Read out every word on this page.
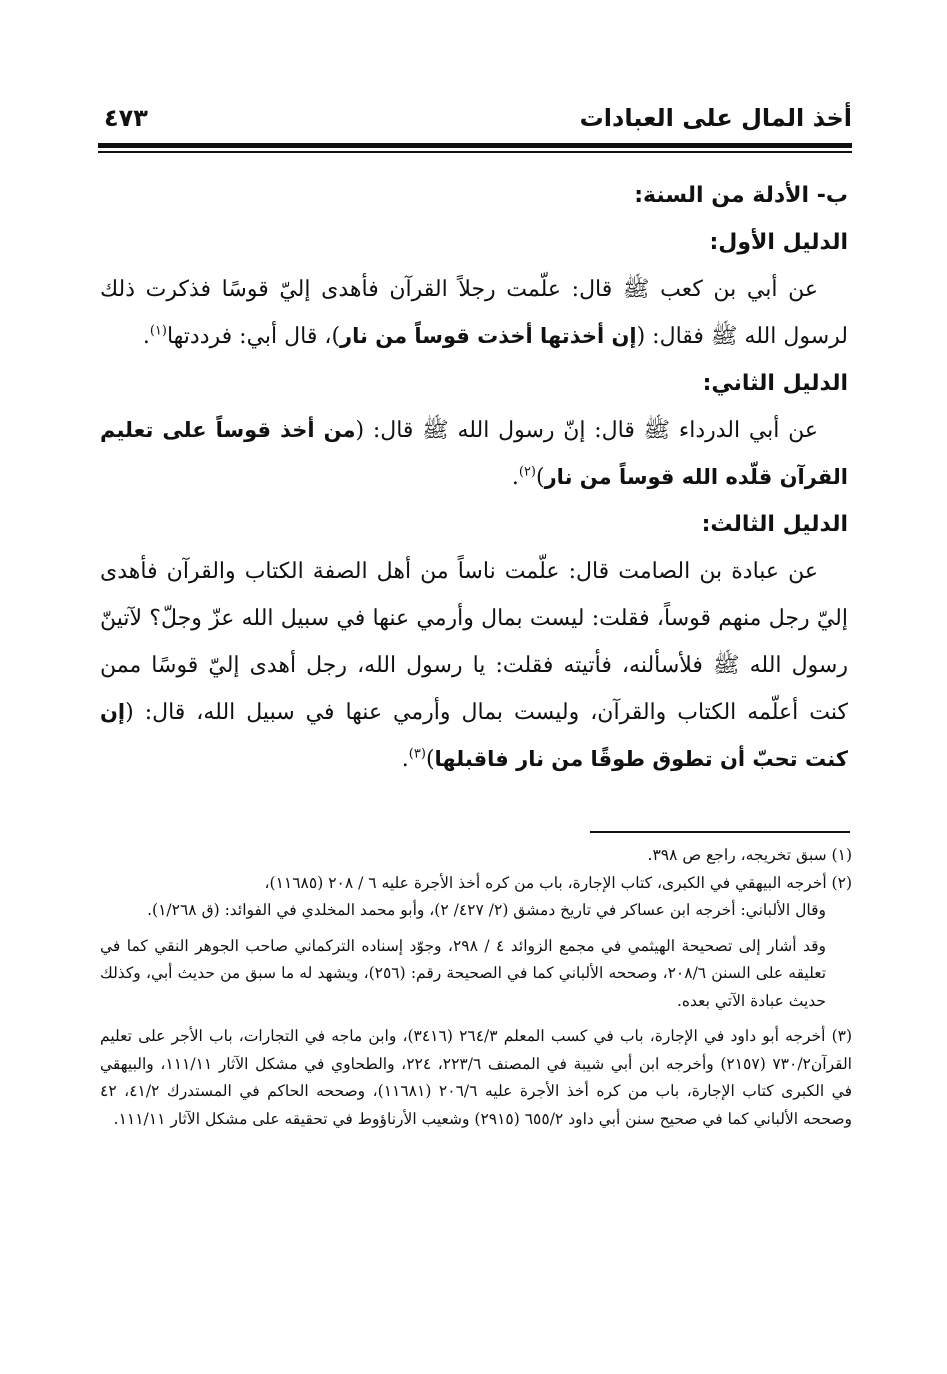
أخذ المال على العبادات
٤٧٣

ب- الأدلة من السنة:

الدليل الأول:

عن أبي بن كعب ﷺ قال: علّمت رجلاً القرآن فأهدى إليّ قوسًا فذكرت ذلك لرسول الله ﷺ فقال: (إن أخذتها أخذت قوساً من نار)، قال أبي: فرددتها$^{(١)}$.

الدليل الثاني:

عن أبي الدرداء ﷺ قال: إنّ رسول الله ﷺ قال: (من أخذ قوساً على تعليم القرآن قلّده الله قوساً من نار)$^{(٢)}$.

الدليل الثالث:

عن عبادة بن الصامت قال: علّمت ناساً من أهل الصفة الكتاب والقرآن فأهدى إليّ رجل منهم قوساً، فقلت: ليست بمال وأرمي عنها في سبيل الله عزّ وجلّ؟ لآتينّ رسول الله ﷺ فلأسألنه، فأتيته فقلت: يا رسول الله، رجل أهدى إليّ قوسًا ممن كنت أعلّمه الكتاب والقرآن، وليست بمال وأرمي عنها في سبيل الله، قال: (إن كنت تحبّ أن تطوق طوقًا من نار فاقبلها)$^{(٣)}$.

(١) سبق تخريجه، راجع ص ٣٩٨.

(٢) أخرجه البيهقي في الكبرى، كتاب الإجارة، باب من كره أخذ الأجرة عليه ٦ / ٢٠٨ (١١٦٨٥)،

وقال الألباني: أخرجه ابن عساكر في تاريخ دمشق (٢/ ٤٢٧/ ٢)، وأبو محمد المخلدي في الفوائد: (ق ١/٢٦٨).

وقد أشار إلى تصحيحة الهيثمي في مجمع الزوائد ٤ / ٢٩٨، وجوّد إسناده التركماني صاحب الجوهر النقي كما في تعليقه على السنن ٢٠٨/٦، وصححه الألباني كما في الصحيحة رقم: (٢٥٦)، ويشهد له ما سبق من حديث أبي، وكذلك حديث عبادة الآتي بعده.

(٣) أخرجه أبو داود في الإجارة، باب في كسب المعلم ٢٦٤/٣ (٣٤١٦)، وابن ماجه في التجارات، باب الأجر على تعليم القرآن٧٣٠/٢ (٢١٥٧) وأخرجه ابن أبي شيبة في المصنف ٢٢٣/٦، ٢٢٤، والطحاوي في مشكل الآثار ١١١/١١، والبيهقي في الكبرى كتاب الإجارة، باب من كره أخذ الأجرة عليه ٢٠٦/٦ (١١٦٨١)، وصححه الحاكم في المستدرك ٤١/٢، ٤٢ وصححه الألباني كما في صحيح سنن أبي داود ٦٥٥/٢ (٢٩١٥) وشعيب الأرناؤوط في تحقيقه على مشكل الآثار ١١١/١١.
